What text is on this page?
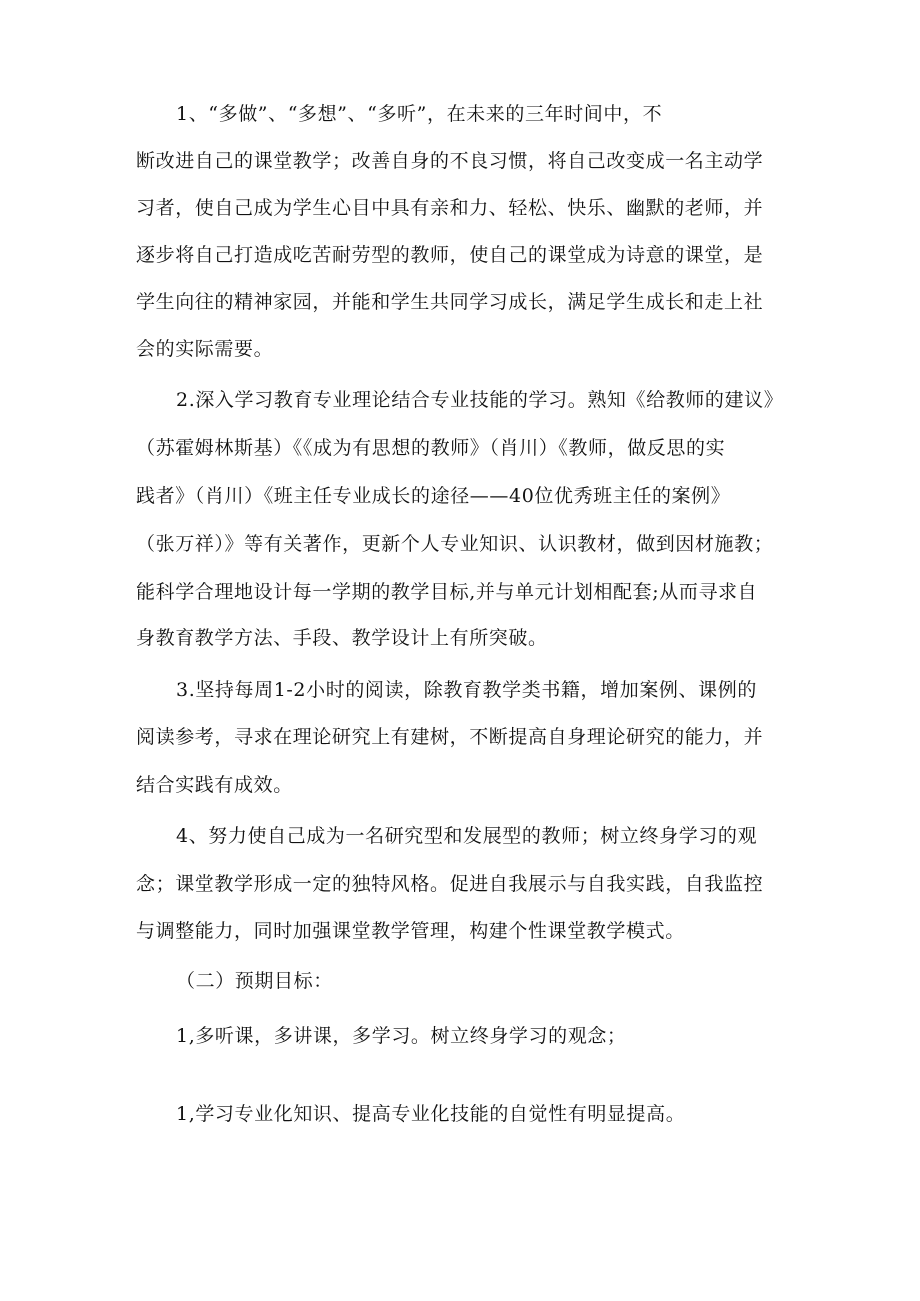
1、“多做”、“多想”、“多听”，在未来的三年时间中，不
断改进自己的课堂教学；改善自身的不良习惯，将自己改变成一名主动学
习者，使自己成为学生心目中具有亲和力、轻松、快乐、幽默的老师，并
逐步将自己打造成吃苦耐劳型的教师，使自己的课堂成为诗意的课堂，是
学生向往的精神家园，并能和学生共同学习成长，满足学生成长和走上社
会的实际需要。
2.深入学习教育专业理论结合专业技能的学习。熟知《给教师的建议》
（苏霍姆林斯基）《《成为有思想的教师》（肖川）《教师，做反思的实
践者》（肖川）《班主任专业成长的途径——40位优秀班主任的案例》
（张万祥）》等有关著作，更新个人专业知识、认识教材，做到因材施教；
能科学合理地设计每一学期的教学目标,并与单元计划相配套;从而寻求自
身教育教学方法、手段、教学设计上有所突破。
3.坚持每周1-2小时的阅读，除教育教学类书籍，增加案例、课例的
阅读参考，寻求在理论研究上有建树，不断提高自身理论研究的能力，并
结合实践有成效。
4、努力使自己成为一名研究型和发展型的教师；树立终身学习的观
念；课堂教学形成一定的独特风格。促进自我展示与自我实践，自我监控
与调整能力，同时加强课堂教学管理，构建个性课堂教学模式。
（二）预期目标：
1,多听课，多讲课，多学习。树立终身学习的观念；
1,学习专业化知识、提高专业化技能的自觉性有明显提高。
